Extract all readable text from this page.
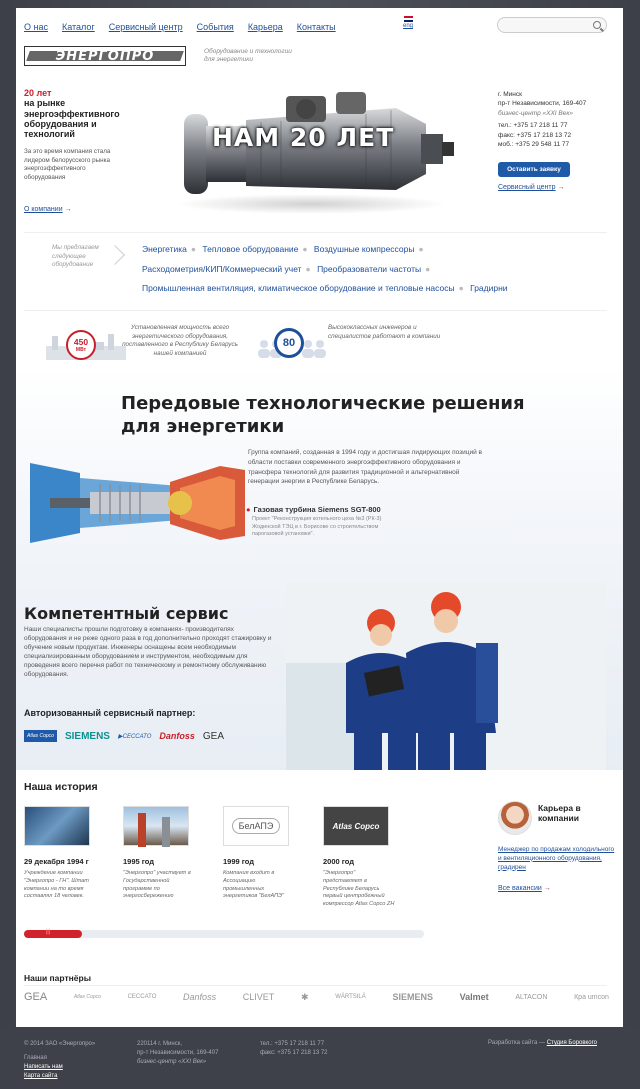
О нас Каталог Сервисный центр События Карьера Контакты	eng
ЭНЕРГОПРО	Оборудование и технологии для энергетики
20 лет
на рынке энергоэффективного оборудования и технологий
За это время компания стала лидером белорусского рынка энергоэффективного оборудования
О компании →
НАМ 20 ЛЕТ
г. Минск
пр-т Независимости, 169-407
бизнес-центр «XXI Век»
тел.: +375 17 218 11 77
факс: +375 17 218 13 72
моб.: +375 29 548 11 77
Оставить заявку
Сервисный центр →
Мы предлагаем следующее оборудование
Энергетика ● Тепловое оборудование ● Воздушные компрессоры ●
Расходометрия/КИП/Коммерческий учет ● Преобразователи частоты ●
Промышленная вентиляция, климатическое оборудование и тепловые насосы ● Градирни
450
МВт
Установленная мощность всего энергетического оборудования, поставленного в Республику Беларусь нашей компанией
80
Высококлассных инженеров и специалистов работают в компании
Передовые технологические решения для энергетики
Группа компаний, созданная в 1994 году и достигшая лидирующих позиций в области поставки современного энергоэффективного оборудования и трансфера технологий для развития традиционной и альтернативной генерации энергии в Республике Беларусь.
● Газовая турбина Siemens SGT-800
Проект "Реконструкция котельного цеха №3 (РК-3) Жодинской ТЭЦ в г. Борисове со строительством парогазовой установки".
Компетентный сервис
Наши специалисты прошли подготовку в компаниях- производителях оборудования и не реже одного раза в год дополнительно проходят стажировку и обучение новым продуктам. Инженеры оснащены всем необходимым специализированным оборудованием и инструментом, необходимым для проведения всего перечня работ по техническому и ремонтному обслуживанию оборудования.
Авторизованный сервисный партнер:
Atlas Copco	SIEMENS ▶CECCATO Danfoss GEA
Наша история
29 декабря 1994 г
Учреждение компании "Энергопро - ГН". Штат компании на то время составлял 18 человек.
1995 год
"Энергопро" участвует в Государственной программе по энергосбережению
БелАПЭ
1999 год
Компания входит в Ассоциацию промышленных энергетиков "БелАПЭ"
Atlas Copco
2000 год
"Энергопро" представляет в Республике Беларусь первый центробежный компрессор Atlas Copco ZH
Карьера в компании
Менеджер по продажам холодильного и вентиляционного оборудования, градирен
Все вакансии →
| | |
Наши партнёры
GEA	Atlas Copco	CECCATO	Danfoss	CLIVET	✱	WÄRTSILÄ	SIEMENS	Valmet	ALTACON	Кра umcon
© 2014 ЗАО «Энергопро»
Главная
Написать нам
Карта сайта
220114 г. Минск,
пр-т Независимости, 169-407
бизнес-центр «XXI Век»
тел.: +375 17 218 11 77
факс: +375 17 218 13 72
Разработка сайта — Студия Боровкого
